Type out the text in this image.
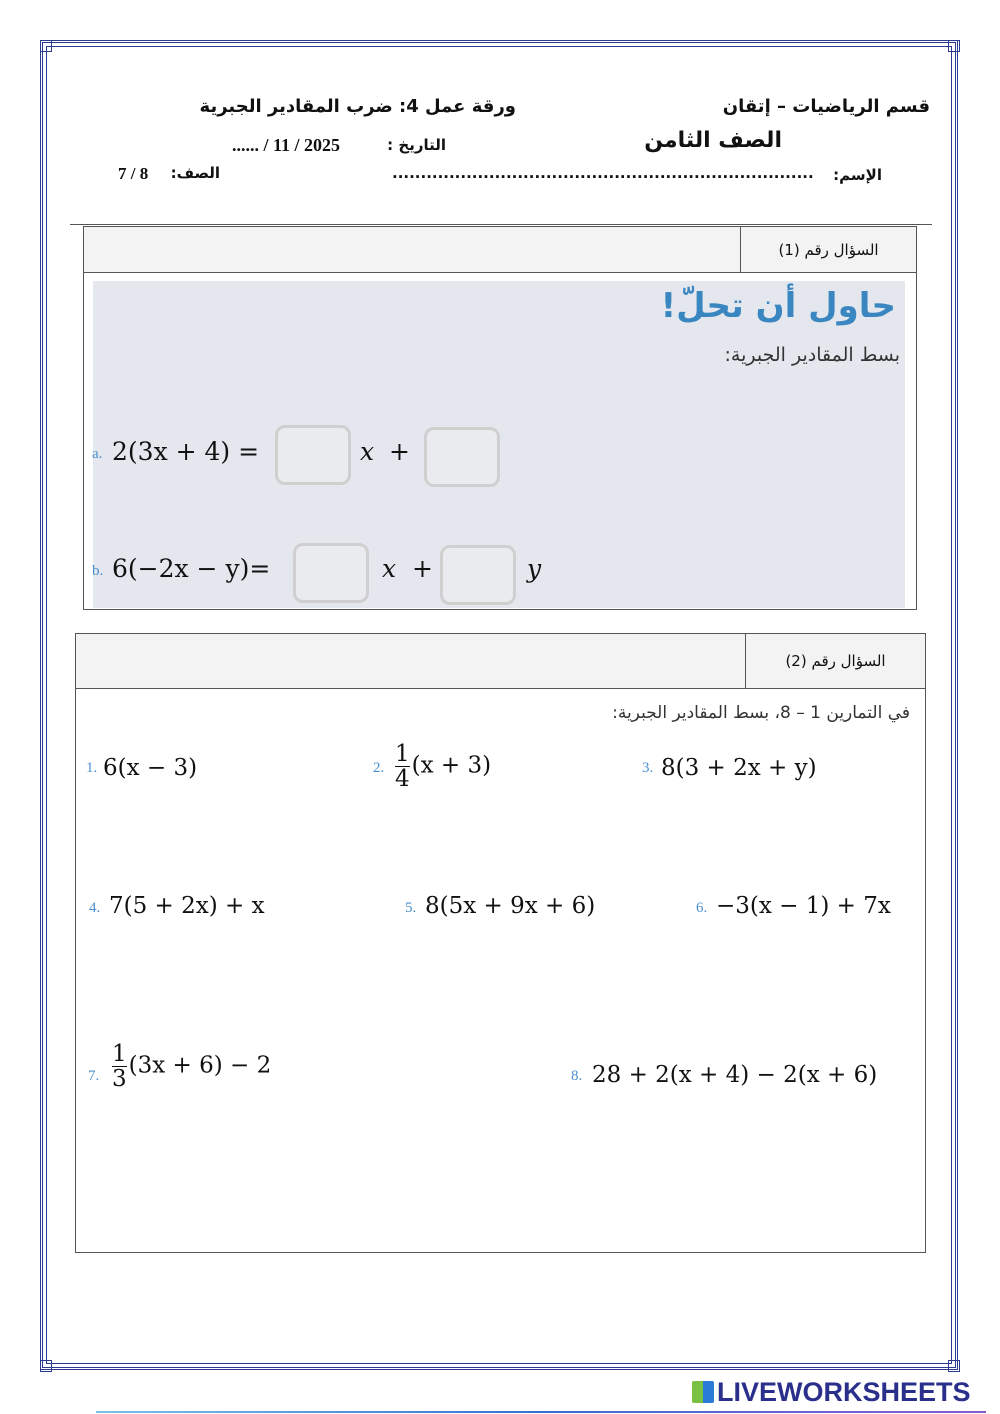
قسم الرياضيات – إتقان
ورقة عمل 4: ضرب المقادير الجبرية
الصف الثامن
التاريخ :
...... / 11 / 2025
الإسم:
..........................................................................
الصف:
7 / 8
السؤال رقم (1)
حاول أن تحلّ!
بسط المقادير الجبرية:
a. 2(3x + 4) =	x +
b. 6(−2x − y)=	x +	y
السؤال رقم (2)
في التمارين 1 – 8، بسط المقادير الجبرية:
1. 6(x − 3)	2. $\frac{1}{4} (x + 3)$	3. 8(3 + 2x + y)
4. 7(5 + 2x) + x	5. 8(5x + 9x + 6)	6. −3(x − 1) + 7x
7. $\frac{1}{3} (3x + 6) - 2$	8. 28 + 2(x + 4) − 2(x + 6)
LIVEWORKSHEETS
